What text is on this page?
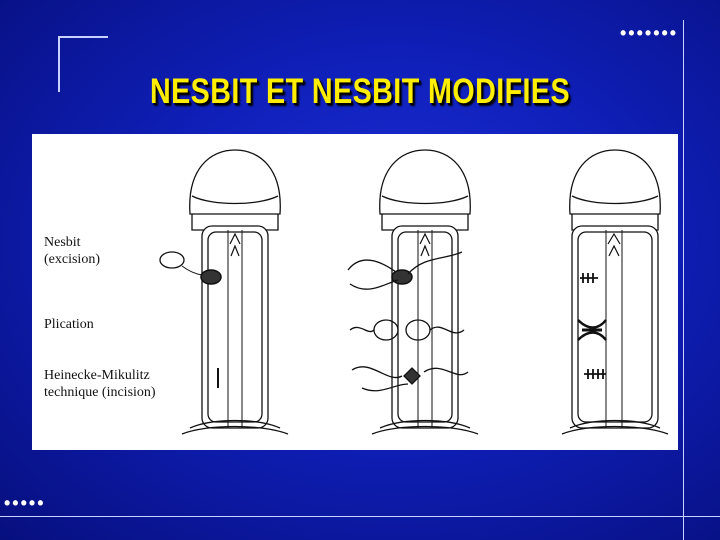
•••••••
•••••
NESBIT ET NESBIT MODIFIES
Nesbit
(excision)
Plication
Heinecke-Mikulitz
technique (incision)
